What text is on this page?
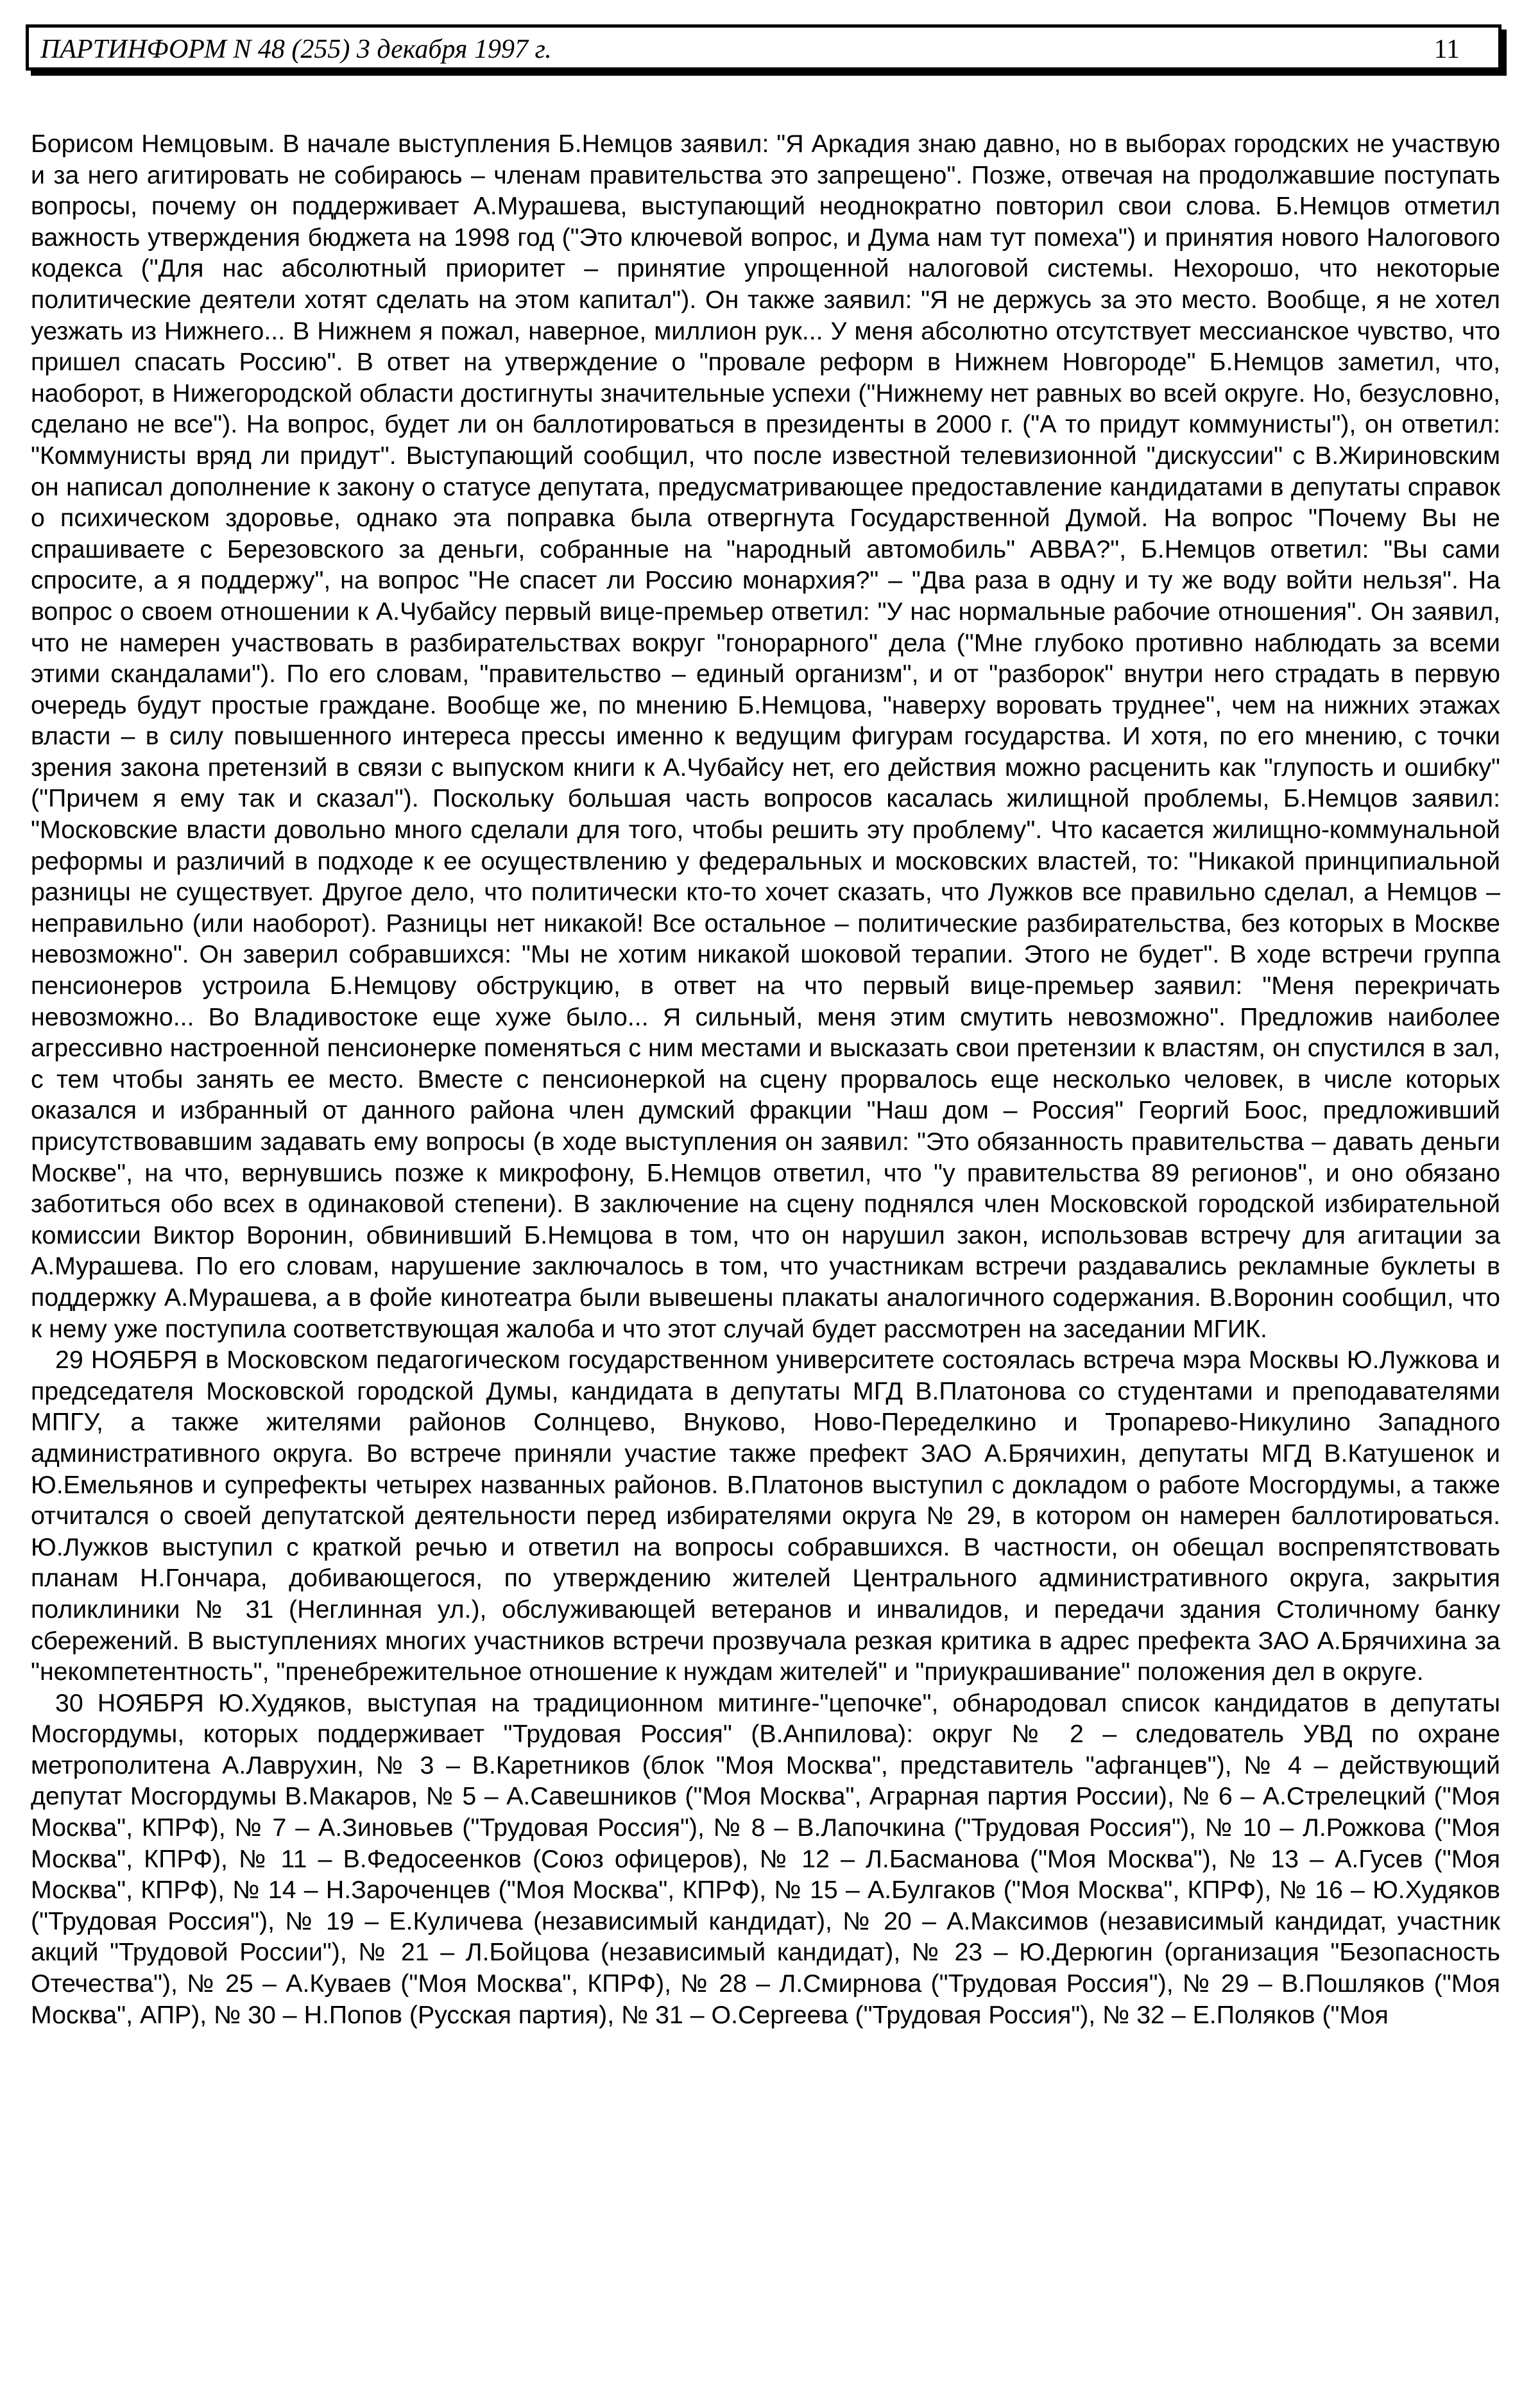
ПАРТИНФОРМ N 48 (255) 3 декабря 1997 г.	11

Борисом Немцовым. В начале выступления Б.Немцов заявил: "Я Аркадия знаю давно, но в выборах городских не участвую и за него агитировать не собираюсь – членам правительства это запрещено". Позже, отвечая на продолжавшие поступать вопросы, почему он поддерживает А.Мурашева, выступающий неоднократно повторил свои слова. Б.Немцов отметил важность утверждения бюджета на 1998 год ("Это ключевой вопрос, и Дума нам тут помеха") и принятия нового Налогового кодекса ("Для нас абсолютный приоритет – принятие упрощенной налоговой системы. Нехорошо, что некоторые политические деятели хотят сделать на этом капитал"). Он также заявил: "Я не держусь за это место. Вообще, я не хотел уезжать из Нижнего... В Нижнем я пожал, наверное, миллион рук... У меня абсолютно отсутствует мессианское чувство, что пришел спасать Россию". В ответ на утверждение о "провале реформ в Нижнем Новгороде" Б.Немцов заметил, что, наоборот, в Нижегородской области достигнуты значительные успехи ("Нижнему нет равных во всей округе. Но, безусловно, сделано не все"). На вопрос, будет ли он баллотироваться в президенты в 2000 г. ("А то придут коммунисты"), он ответил: "Коммунисты вряд ли придут". Выступающий сообщил, что после известной телевизионной "дискуссии" с В.Жириновским он написал дополнение к закону о статусе депутата, предусматривающее предоставление кандидатами в депутаты справок о психическом здоровье, однако эта поправка была отвергнута Государственной Думой. На вопрос "Почему Вы не спрашиваете с Березовского за деньги, собранные на "народный автомобиль" АВВА?", Б.Немцов ответил: "Вы сами спросите, а я поддержу", на вопрос "Не спасет ли Россию монархия?" – "Два раза в одну и ту же воду войти нельзя". На вопрос о своем отношении к А.Чубайсу первый вице-премьер ответил: "У нас нормальные рабочие отношения". Он заявил, что не намерен участвовать в разбирательствах вокруг "гонорарного" дела ("Мне глубоко противно наблюдать за всеми этими скандалами"). По его словам, "правительство – единый организм", и от "разборок" внутри него страдать в первую очередь будут простые граждане. Вообще же, по мнению Б.Немцова, "наверху воровать труднее", чем на нижних этажах власти – в силу повышенного интереса прессы именно к ведущим фигурам государства. И хотя, по его мнению, с точки зрения закона претензий в связи с выпуском книги к А.Чубайсу нет, его действия можно расценить как "глупость и ошибку" ("Причем я ему так и сказал"). Поскольку большая часть вопросов касалась жилищной проблемы, Б.Немцов заявил: "Московские власти довольно много сделали для того, чтобы решить эту проблему". Что касается жилищно-коммунальной реформы и различий в подходе к ее осуществлению у федеральных и московских властей, то: "Никакой принципиальной разницы не существует. Другое дело, что политически кто-то хочет сказать, что Лужков все правильно сделал, а Немцов – неправильно (или наоборот). Разницы нет никакой! Все остальное – политические разбирательства, без которых в Москве невозможно". Он заверил собравшихся: "Мы не хотим никакой шоковой терапии. Этого не будет". В ходе встречи группа пенсионеров устроила Б.Немцову обструкцию, в ответ на что первый вице-премьер заявил: "Меня перекричать невозможно... Во Владивостоке еще хуже было... Я сильный, меня этим смутить невозможно". Предложив наиболее агрессивно настроенной пенсионерке поменяться с ним местами и высказать свои претензии к властям, он спустился в зал, с тем чтобы занять ее место. Вместе с пенсионеркой на сцену прорвалось еще несколько человек, в числе которых оказался и избранный от данного района член думский фракции "Наш дом – Россия" Георгий Боос, предложивший присутствовавшим задавать ему вопросы (в ходе выступления он заявил: "Это обязанность правительства – давать деньги Москве", на что, вернувшись позже к микрофону, Б.Немцов ответил, что "у правительства 89 регионов", и оно обязано заботиться обо всех в одинаковой степени). В заключение на сцену поднялся член Московской городской избирательной комиссии Виктор Воронин, обвинивший Б.Немцова в том, что он нарушил закон, использовав встречу для агитации за А.Мурашева. По его словам, нарушение заключалось в том, что участникам встречи раздавались рекламные буклеты в поддержку А.Мурашева, а в фойе кинотеатра были вывешены плакаты аналогичного содержания. В.Воронин сообщил, что к нему уже поступила соответствующая жалоба и что этот случай будет рассмотрен на заседании МГИК.

29 НОЯБРЯ в Московском педагогическом государственном университете состоялась встреча мэра Москвы Ю.Лужкова и председателя Московской городской Думы, кандидата в депутаты МГД В.Платонова со студентами и преподавателями МПГУ, а также жителями районов Солнцево, Внуково, Ново-Переделкино и Тропарево-Никулино Западного административного округа. Во встрече приняли участие также префект ЗАО А.Брячихин, депутаты МГД В.Катушенок и Ю.Емельянов и супрефекты четырех названных районов. В.Платонов выступил с докладом о работе Мосгордумы, а также отчитался о своей депутатской деятельности перед избирателями округа № 29, в котором он намерен баллотироваться. Ю.Лужков выступил с краткой речью и ответил на вопросы собравшихся. В частности, он обещал воспрепятствовать планам Н.Гончара, добивающегося, по утверждению жителей Центрального административного округа, закрытия поликлиники № 31 (Неглинная ул.), обслуживающей ветеранов и инвалидов, и передачи здания Столичному банку сбережений. В выступлениях многих участников встречи прозвучала резкая критика в адрес префекта ЗАО А.Брячихина за "некомпетентность", "пренебрежительное отношение к нуждам жителей" и "приукрашивание" положения дел в округе.

30 НОЯБРЯ Ю.Худяков, выступая на традиционном митинге-"цепочке", обнародовал список кандидатов в депутаты Мосгордумы, которых поддерживает "Трудовая Россия" (В.Анпилова): округ № 2 – следователь УВД по охране метрополитена А.Лаврухин, № 3 – В.Каретников (блок "Моя Москва", представитель "афганцев"), № 4 – действующий депутат Мосгордумы В.Макаров, № 5 – А.Савешников ("Моя Москва", Аграрная партия России), № 6 – А.Стрелецкий ("Моя Москва", КПРФ), № 7 – А.Зиновьев ("Трудовая Россия"), № 8 – В.Лапочкина ("Трудовая Россия"), № 10 – Л.Рожкова ("Моя Москва", КПРФ), № 11 – В.Федосеенков (Союз офицеров), № 12 – Л.Басманова ("Моя Москва"), № 13 – А.Гусев ("Моя Москва", КПРФ), № 14 – Н.Зароченцев ("Моя Москва", КПРФ), № 15 – А.Булгаков ("Моя Москва", КПРФ), № 16 – Ю.Худяков ("Трудовая Россия"), № 19 – Е.Куличева (независимый кандидат), № 20 – А.Максимов (независимый кандидат, участник акций "Трудовой России"), № 21 – Л.Бойцова (независимый кандидат), № 23 – Ю.Дерюгин (организация "Безопасность Отечества"), № 25 – А.Куваев ("Моя Москва", КПРФ), № 28 – Л.Смирнова ("Трудовая Россия"), № 29 – В.Пошляков ("Моя Москва", АПР), № 30 – Н.Попов (Русская партия), № 31 – О.Сергеева ("Трудовая Россия"), № 32 – Е.Поляков ("Моя
